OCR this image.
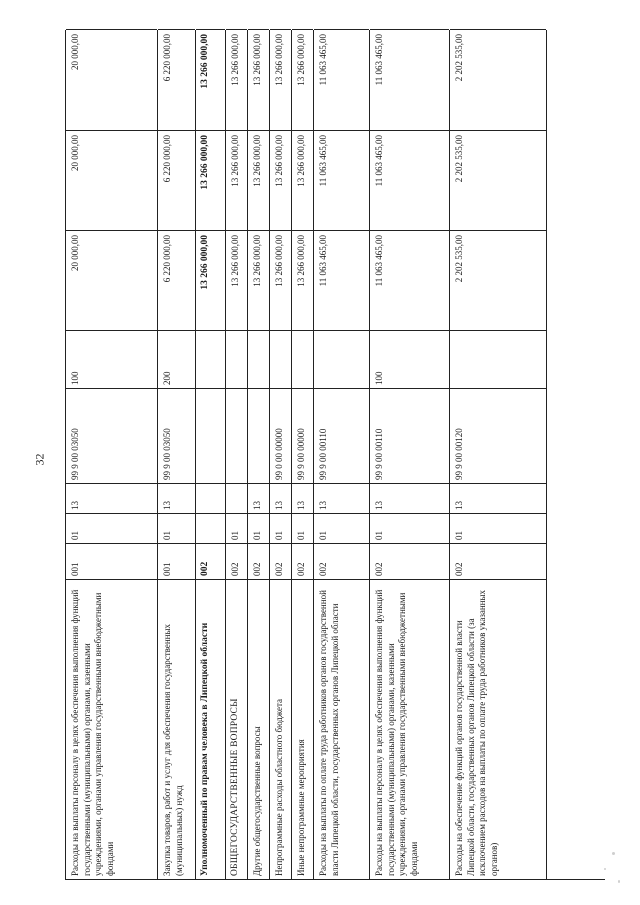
32
Расходы на выплаты персоналу в целях обеспечения выполнения функций государственными (муниципальными) органами, казенными учреждениями, органами управления государственными внебюджетными фондами
001
01
13
99 9 00 03050
100
20 000,00
20 000,00
20 000,00
Закупка товаров, работ и услуг для обеспечения государственных (муниципальных) нужд
001
01
13
99 9 00 03050
200
6 220 000,00
6 220 000,00
6 220 000,00
Уполномоченный по правам человека в Липецкой области
002
13 266 000,00
13 266 000,00
13 266 000,00
ОБЩЕГОСУДАРСТВЕННЫЕ ВОПРОСЫ
002
01
13 266 000,00
13 266 000,00
13 266 000,00
Другие общегосударственные вопросы
002
01
13
13 266 000,00
13 266 000,00
13 266 000,00
Непрограммные расходы областного бюджета
002
01
13
99 0 00 00000
13 266 000,00
13 266 000,00
13 266 000,00
Иные непрограммные мероприятия
002
01
13
99 9 00 00000
13 266 000,00
13 266 000,00
13 266 000,00
Расходы на выплаты по оплате труда работников органов государственной власти Липецкой области, государственных органов Липецкой области
002
01
13
99 9 00 00110
11 063 465,00
11 063 465,00
11 063 465,00
Расходы на выплаты персоналу в целях обеспечения выполнения функций государственными (муниципальными) органами, казенными учреждениями, органами управления государственными внебюджетными фондами
002
01
13
99 9 00 00110
100
11 063 465,00
11 063 465,00
11 063 465,00
Расходы на обеспечение функций органов государственной власти Липецкой области, государственных органов Липецкой области (за исключением расходов на выплаты по оплате труда работников указанных органов)
002
01
13
99 9 00 00120
2 202 535,00
2 202 535,00
2 202 535,00
